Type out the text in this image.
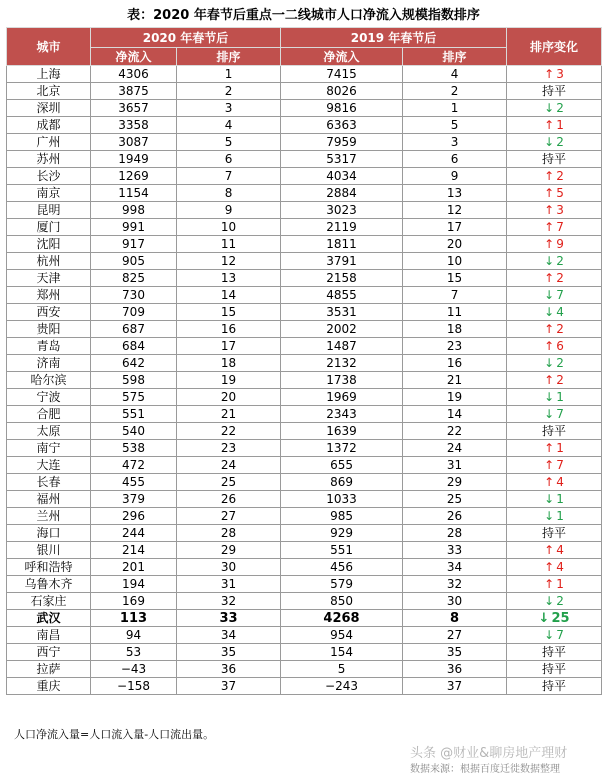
表：2020 年春节后重点一二线城市人口净流入规模指数排序
城市	2020 年春节后		2019 年春节后		排序变化
	净流入	排序	净流入	排序	
上海	4306	1	7415	4	↑ 3
北京	3875	2	8026	2	持平
深圳	3657	3	9816	1	↓ 2
成都	3358	4	6363	5	↑ 1
广州	3087	5	7959	3	↓ 2
苏州	1949	6	5317	6	持平
长沙	1269	7	4034	9	↑ 2
南京	1154	8	2884	13	↑ 5
昆明	998	9	3023	12	↑ 3
厦门	991	10	2119	17	↑ 7
沈阳	917	11	1811	20	↑ 9
杭州	905	12	3791	10	↓ 2
天津	825	13	2158	15	↑ 2
郑州	730	14	4855	7	↓ 7
西安	709	15	3531	11	↓ 4
贵阳	687	16	2002	18	↑ 2
青岛	684	17	1487	23	↑ 6
济南	642	18	2132	16	↓ 2
哈尔滨	598	19	1738	21	↑ 2
宁波	575	20	1969	19	↓ 1
合肥	551	21	2343	14	↓ 7
太原	540	22	1639	22	持平
南宁	538	23	1372	24	↑ 1
大连	472	24	655	31	↑ 7
长春	455	25	869	29	↑ 4
福州	379	26	1033	25	↓ 1
兰州	296	27	985	26	↓ 1
海口	244	28	929	28	持平
银川	214	29	551	33	↑ 4
呼和浩特	201	30	456	34	↑ 4
乌鲁木齐	194	31	579	32	↑ 1
石家庄	169	32	850	30	↓ 2
武汉	113	33	4268	8	↓ 25
南昌	94	34	954	27	↓ 7
西宁	53	35	154	35	持平
拉萨	−43	36	5	36	持平
重庆	−158	37	−243	37	持平
人口净流入量=人口流入量-人口流出量。
头条 @财业&聊房地产理财
数据来源：根据百度迁徙数据整理
